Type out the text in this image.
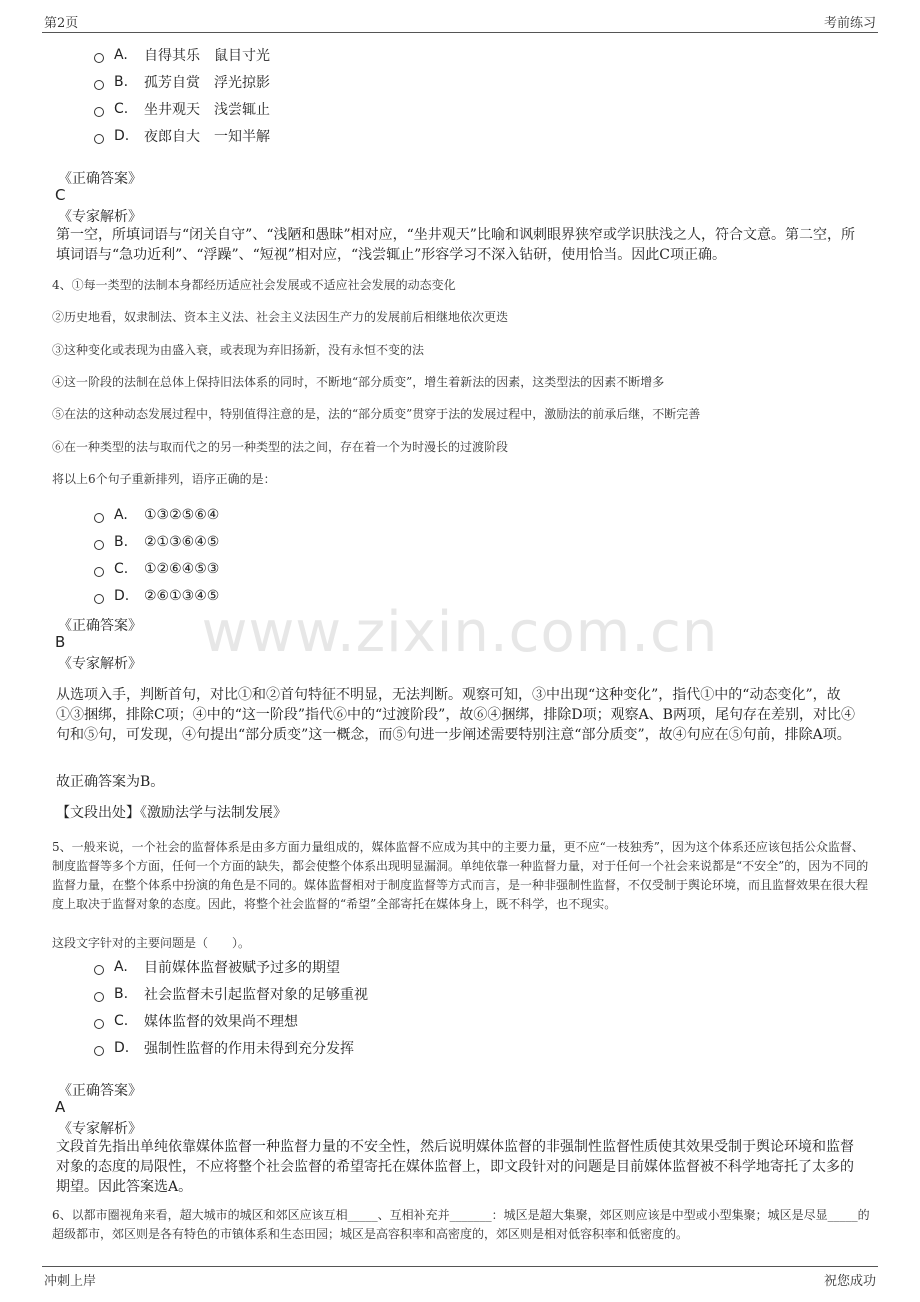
第2页	考前练习
www.zixin.com.cn
A.	自得其乐　鼠目寸光
B.	孤芳自赏　浮光掠影
C.	坐井观天　浅尝辄止
D.	夜郎自大　一知半解
《正确答案》
C
《专家解析》
第一空，所填词语与“闭关自守”、“浅陋和愚昧”相对应，“坐井观天”比喻和讽刺眼界狭窄或学识肤浅之人，符合文意。第二空，所填词语与“急功近利”、“浮躁”、“短视”相对应，“浅尝辄止”形容学习不深入钻研，使用恰当。因此C项正确。
4、①每一类型的法制本身都经历适应社会发展或不适应社会发展的动态变化
②历史地看，奴隶制法、资本主义法、社会主义法因生产力的发展前后相继地依次更迭
③这种变化或表现为由盛入衰，或表现为弃旧扬新，没有永恒不变的法
④这一阶段的法制在总体上保持旧法体系的同时，不断地“部分质变”，增生着新法的因素，这类型法的因素不断增多
⑤在法的这种动态发展过程中，特别值得注意的是，法的“部分质变”贯穿于法的发展过程中，激励法的前承后继，不断完善
⑥在一种类型的法与取而代之的另一种类型的法之间，存在着一个为时漫长的过渡阶段
将以上6个句子重新排列，语序正确的是：
A.	①③②⑤⑥④
B.	②①③⑥④⑤
C.	①②⑥④⑤③
D.	②⑥①③④⑤
《正确答案》
B
《专家解析》
从选项入手，判断首句，对比①和②首句特征不明显，无法判断。观察可知，③中出现“这种变化”，指代①中的“动态变化”，故①③捆绑，排除C项；④中的“这一阶段”指代⑥中的“过渡阶段”，故⑥④捆绑，排除D项；观察A、B两项，尾句存在差别，对比④句和⑤句，可发现，④句提出“部分质变”这一概念，而⑤句进一步阐述需要特别注意“部分质变”，故④句应在⑤句前，排除A项。
故正确答案为B。
【文段出处】《激励法学与法制发展》
5、一般来说，一个社会的监督体系是由多方面力量组成的，媒体监督不应成为其中的主要力量，更不应“一枝独秀”，因为这个体系还应该包括公众监督、制度监督等多个方面，任何一个方面的缺失，都会使整个体系出现明显漏洞。单纯依靠一种监督力量，对于任何一个社会来说都是“不安全”的，因为不同的监督力量，在整个体系中扮演的角色是不同的。媒体监督相对于制度监督等方式而言，是一种非强制性监督，不仅受制于舆论环境，而且监督效果在很大程度上取决于监督对象的态度。因此，将整个社会监督的“希望”全部寄托在媒体身上，既不科学，也不现实。
这段文字针对的主要问题是（　　）。
A.	目前媒体监督被赋予过多的期望
B.	社会监督未引起监督对象的足够重视
C.	媒体监督的效果尚不理想
D.	强制性监督的作用未得到充分发挥
《正确答案》
A
《专家解析》
文段首先指出单纯依靠媒体监督一种监督力量的不安全性，然后说明媒体监督的非强制性监督性质使其效果受制于舆论环境和监督对象的态度的局限性，不应将整个社会监督的希望寄托在媒体监督上，即文段针对的问题是目前媒体监督被不科学地寄托了太多的期望。因此答案选A。
6、以都市圈视角来看，超大城市的城区和郊区应该互相_____、互相补充并_______：城区是超大集聚，郊区则应该是中型或小型集聚；城区是尽显_____的超级都市，郊区则是各有特色的市镇体系和生态田园；城区是高容积率和高密度的，郊区则是相对低容积率和低密度的。
冲刺上岸	祝您成功
